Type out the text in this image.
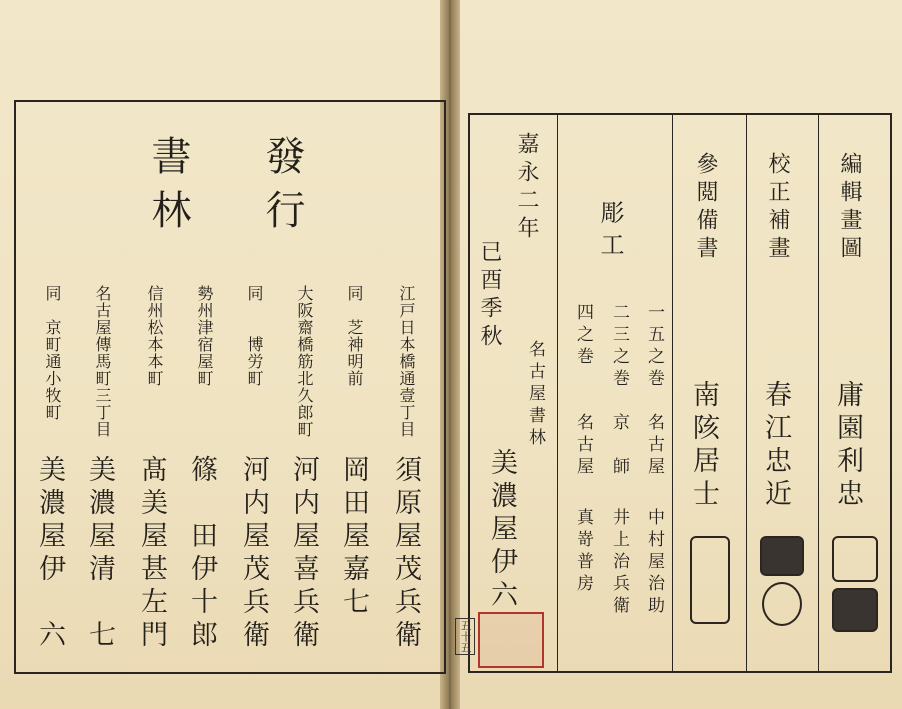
發行
書林
江戸日本橋通壹丁目
須原屋茂兵衛
同　芝神明前
岡田屋嘉七
大阪齋橋筋北久郎町
河内屋喜兵衛
同　　博労町
河内屋茂兵衛
勢州津宿屋町
篠　田伊十郎
信州松本本町
髙美屋甚左門
名古屋傳馬町三丁目
美濃屋清　七
同　京町通小牧町
美濃屋伊　六
編輯畫圖
庸園利忠
校正補畫
春江忠近
參閲備書
南陔居士
彫工
一五之巻
名古屋
中村屋治助
二三之巻
京　師
井上治兵衛
四之巻
名古屋
真嵜普房
嘉永二年
已酉季秋
名古屋書林
美濃屋伊六
五十五
